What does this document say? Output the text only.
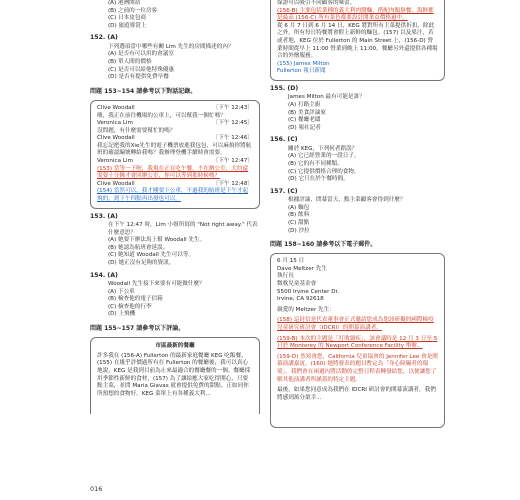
(A) 港灣開站
(B) 之前的一位房客
(C) 日本皮包商
(D) 旅遊導賞上
152. (A)
下列選項當中哪些有關 Lim 先生的房間描述的內？
(A) 是否有可以用的會議室
(B) 單人間的價格
(C) 是否可以給他特殊優惠
(D) 是否有提供免費早餐
問題 153~154 請參考以下對話記錄。
Clive Woodall	〔下午 12:43〕
嗨，我正在前往機場的公車上，可以幫我一個忙嗎？
Veronica Lim	〔下午 12:45〕
沒問題，有什麼需要幫忙的嗎？
Clive Woodall	〔下午 12:46〕
我忘記把我的Xie先生的電子機票放進我包包，可以麻煩你將航班的確認編號轉給我嗎？我辦理登機手續時會需要。
Veronica Lim	〔下午 12:47〕
(153) 當等一下喔，我現在正在吃午餐，不在辦公室，大約還需要十分鐘才會回辦公室，你可以等到那時候嗎？
Clive Woodall	〔下午 12:48〕
(154) 當然可以，我才剛要下公車，不過我的航班是下午才起飛的，到下午四點再出發也可以。
153. (A)
在下午 12:47 時，Lim 小姐所寫的 "Not right away." 代表什麼意思？
(A) 她要下辦法馬上幫 Woodall 先生。
(B) 她認為航班會延誤。
(C) 她知道 Woodall 先生可以等。
(D) 她正沒有足夠的資訊。
154. (A)
Woodall 先生接下來要有可能做什麼？
(A) 下公車
(B) 檢查他的電子信箱
(C) 檢查他的行李
(D) 上飛機
問題 155~157 請參考以下評論。
市區最新的餐廳
許多我在 (156-A) Fullerton 的最新家庭餐廳 KEG 吃飯餐，(155) 在幾乎評價過所有在 Fullerton 的餐廳後，我可以真心地說，KEG 是我到目前為止來最適合的餐廳餐的一個。餐廳採用季節性新鮮的食材，(157) 為了讓給應大家吃得開心，只要點主菜，並問 Maria Giavas 就會提供免費的甜點。正如同你所預想的食物好，KEG 菜單上有各種義大利...
保證可以吸引不同顧客的味蕾。
(156-B) 主要包括業種的義大利肉醬麵、搭配肉類掛餐、海鮮都是最高 (156-C) 所有菜色都要設計開業益價格過中。
從 6 月 7 日到 6 月 14 日，KEG 將對所有主菜提供折扣，除此之外，所有每日特餐將會附上新鮮的麵包。(157) 以及果汁，若或者地，KEG 位於 Fullerton 的 Main Street 上，(156-D) 營業時間從早上 11:00 營業到晚上 11:00，餐廳另外還提供各種場合的外燴服務。
(155) James Milton
Fullerton 報日新聞
155. (D)
James Milton 最有可能是誰？
(A) 打路主廚
(B) 美食評論家
(C) 餐廳老闆
(D) 報社記者
156. (C)
關於 KEG，下列何者錯誤？
(A) 它已經營業的一段日子。
(B) 它的有不同種類。
(C) 它提供價格合理的食物。
(D) 它只在於午餐時間。
157. (C)
根據評論，問幕當天，點主菜顧客會得到什麼？
(A) 麵包
(B) 飲料
(C) 甜點
(D) 沙拉
問題 158~160 請參考以下電子郵件。
6 月 15 日
Dave Meltzer 先生
執行長
微軟兒童基金會
5500 Irvine Center Dr.
Irvine, CA 92618
親愛的 Meltzer 先生：
(158) 這封信是代表董事會正式邀請您成為您該研擬的國際檢疫兒童研究研討會（IDCRI）的開幕演講者。
(159-B) 本次的主題是「打敗細疾」，該會議時是 12 月 3 日至 5 日於 Monterey 的 Newport Conference Facility 舉辦。
(159-D) 然知會您，California 兒童協會的 Jennifer Lee 會是開幕演講嘉賓，(160) 她將發表的題目暫定為「身心障礙者的環境」。我們會在兩週內將活動的完整日程表轉發給您，以便讓您了解其他演講者所涵蓋的特定主題。
最後，如果您同意成為我們在 IDCRI 研討會的開幕演講者，我們將感到萬分榮幸...
016
